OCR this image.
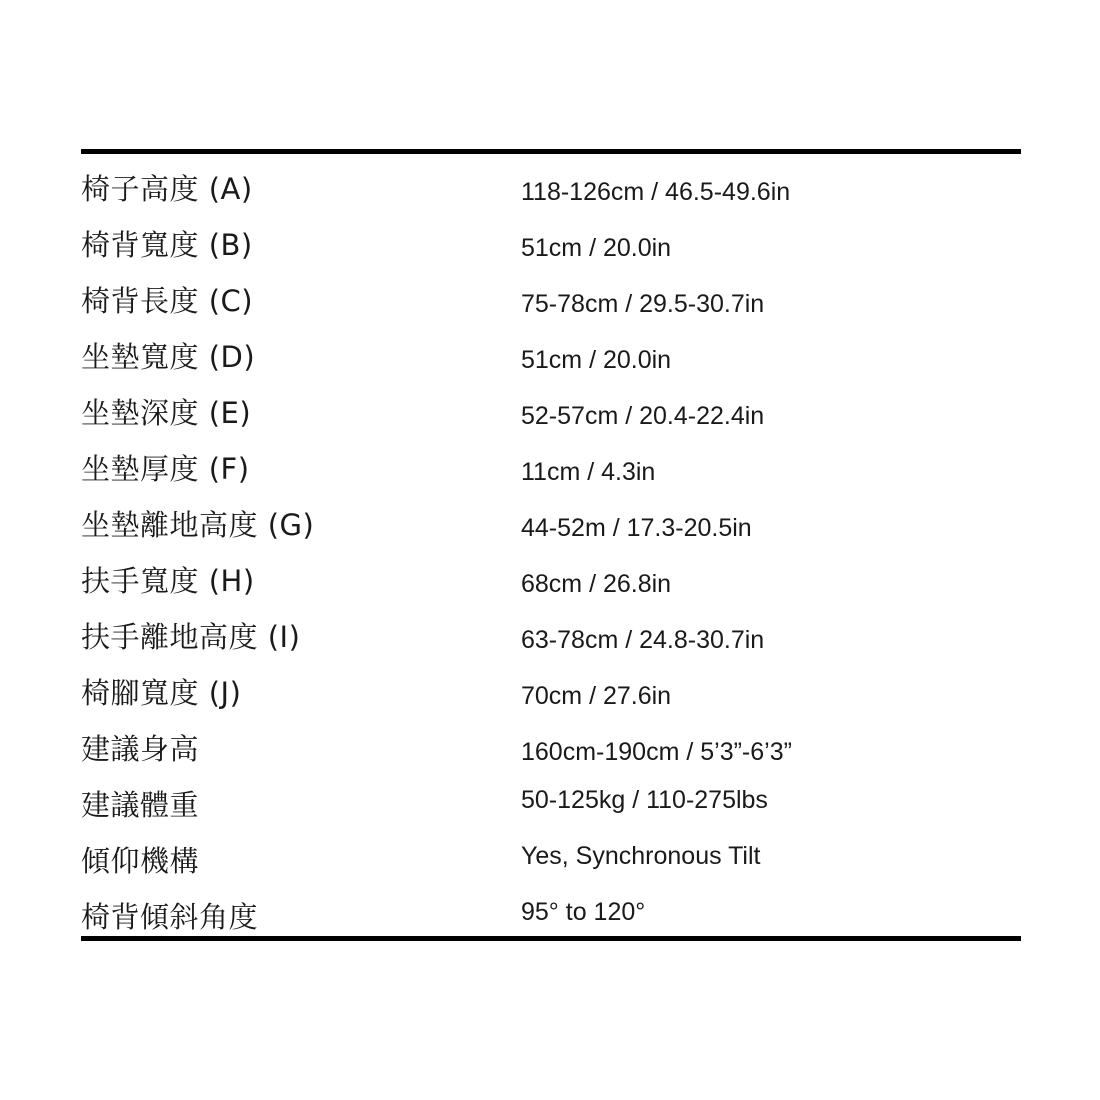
椅子高度 (A)	118-126cm / 46.5-49.6in
椅背寬度 (B)	51cm / 20.0in
椅背長度 (C)	75-78cm / 29.5-30.7in
坐墊寬度 (D)	51cm / 20.0in
坐墊深度 (E)	52-57cm / 20.4-22.4in
坐墊厚度 (F)	11cm / 4.3in
坐墊離地高度 (G)	44-52m / 17.3-20.5in
扶手寬度 (H)	68cm / 26.8in
扶手離地高度 (I)	63-78cm / 24.8-30.7in
椅腳寬度 (J)	70cm / 27.6in
建議身高	160cm-190cm / 5’3”-6’3”
建議體重	50-125kg / 110-275lbs
傾仰機構	Yes, Synchronous Tilt
椅背傾斜角度	95° to 120°
